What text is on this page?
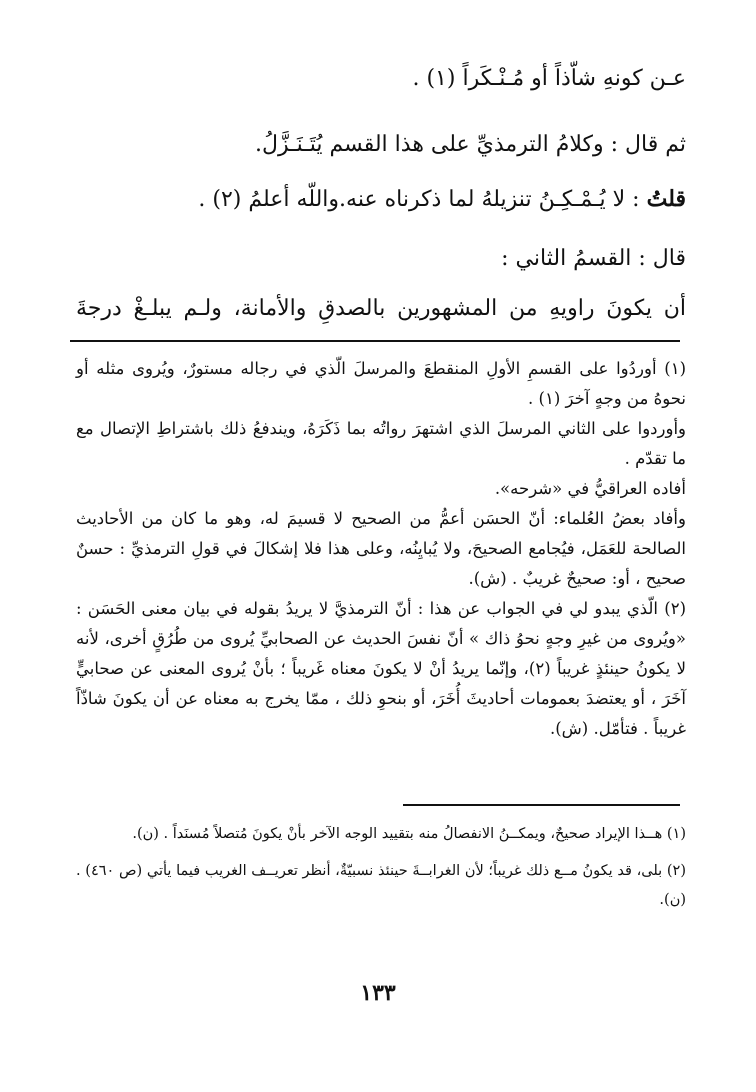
عـن كونهِ شاّذاً أو مُـنْـكَراً (١) .
ثم قال : وكلامُ الترمذيِّ على هذا القسم يُتَـنَـزَّلُ.
قلتُ : لا يُـمْـكِـنُ تنزيلهُ لما ذكرناه عنه.واللّه أعلمُ (٢) .
قال : القسمُ الثاني :
أن يكونَ راويهِ من المشهورين بالصدقِ والأمانة، ولـم يبلـغْ درجةَ

(١) أوردُوا على القسمِ الأولِ المنقطعَ والمرسلَ الّذي في رجاله مستورٌ، ويُروى مثله أو نحوهُ من وجهٍ آخرَ (١) .

وأوردوا على الثاني المرسلَ الذي اشتهرَ رواتُه بما ذَكَرَهُ، ويندفعُ ذلك باشتراطِ الإتصال مع ما تقدّم .

أفاده العراقيُّ في «شرحه».

وأفاد بعضُ العُلماء: أنّ الحسَن أعمُّ من الصحيح لا قسيمَ له، وهو ما كان من الأحاديث الصالحة للعَمَل، فيُجامع الصحيحَ، ولا يُبايِنُه، وعلى هذا فلا إشكالَ في قولِ الترمذيِّ : حسنٌ صحيح ، أو: صحيحٌ غريبٌ . (ش).

(٢) الّذي يبدو لي في الجواب عن هذا : أنّ الترمذيَّ لا يريدُ بقوله في بيان معنى الحَسَن : «ويُروى من غيرِ وجهٍ نحوُ ذاك » أنّ نفسَ الحديث عن الصحابيِّ يُروى من طُرُقٍ أخرى، لأنه لا يكونُ حينئذٍ غريباً (٢)، وإنّما يريدُ أنْ لا يكونَ معناه غَريباً ؛ بأنْ يُروى المعنى عن صحابيٍّ آخَرَ ، أو يعتضدَ بعمومات أحاديثَ أُخَرَ، أو بنحوِ ذلك ، ممّا يخرج به معناه عن أن يكونَ شاذّاً غريباً . فتأمّل. (ش).

(١) هــذا الإيراد صحيحٌ، ويمكــنُ الانفصالُ منه بتقييد الوجه الآخر بأنْ يكونَ مُتصلاً مُسنَداً . (ن).

(٢) بلى، قد يكونُ مــع ذلك غريباً؛ لأن الغرابــةَ حينئذ نسبيّةٌ، أنظر تعريــف الغريب فيما يأتي (ص ٤٦٠) . (ن).

١٣٣
